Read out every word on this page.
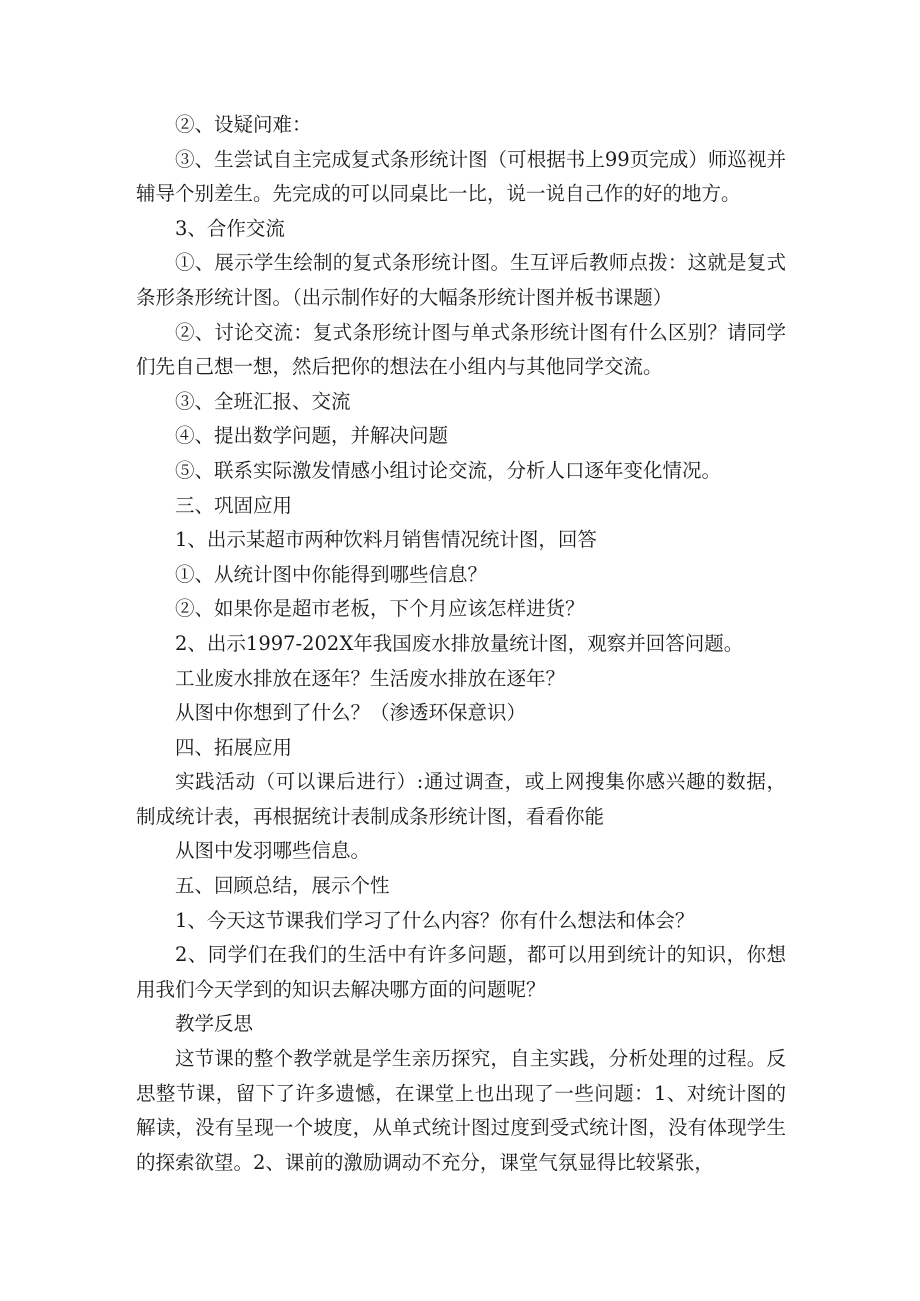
②、设疑问难：

③、生尝试自主完成复式条形统计图（可根据书上99页完成）师巡视并辅导个别差生。先完成的可以同桌比一比，说一说自己作的好的地方。

3、合作交流

①、展示学生绘制的复式条形统计图。生互评后教师点拨：这就是复式条形条形统计图。（出示制作好的大幅条形统计图并板书课题）

②、讨论交流：复式条形统计图与单式条形统计图有什么区别？请同学们先自己想一想，然后把你的想法在小组内与其他同学交流。

③、全班汇报、交流

④、提出数学问题，并解决问题

⑤、联系实际激发情感小组讨论交流，分析人口逐年变化情况。

三、巩固应用

1、出示某超市两种饮料月销售情况统计图，回答

①、从统计图中你能得到哪些信息？

②、如果你是超市老板，下个月应该怎样进货？

2、出示1997-202X年我国废水排放量统计图，观察并回答问题。

工业废水排放在逐年？生活废水排放在逐年？

从图中你想到了什么？（渗透环保意识）

四、拓展应用

实践活动（可以课后进行）:通过调查，或上网搜集你感兴趣的数据，制成统计表，再根据统计表制成条形统计图，看看你能

从图中发羽哪些信息。

五、回顾总结，展示个性

1、今天这节课我们学习了什么内容？你有什么想法和体会？

2、同学们在我们的生活中有许多问题，都可以用到统计的知识，你想用我们今天学到的知识去解决哪方面的问题呢？

教学反思

这节课的整个教学就是学生亲历探究，自主实践，分析处理的过程。反思整节课，留下了许多遗憾，在课堂上也出现了一些问题：1、对统计图的解读，没有呈现一个坡度，从单式统计图过度到受式统计图，没有体现学生的探索欲望。2、课前的激励调动不充分，课堂气氛显得比较紧张，
